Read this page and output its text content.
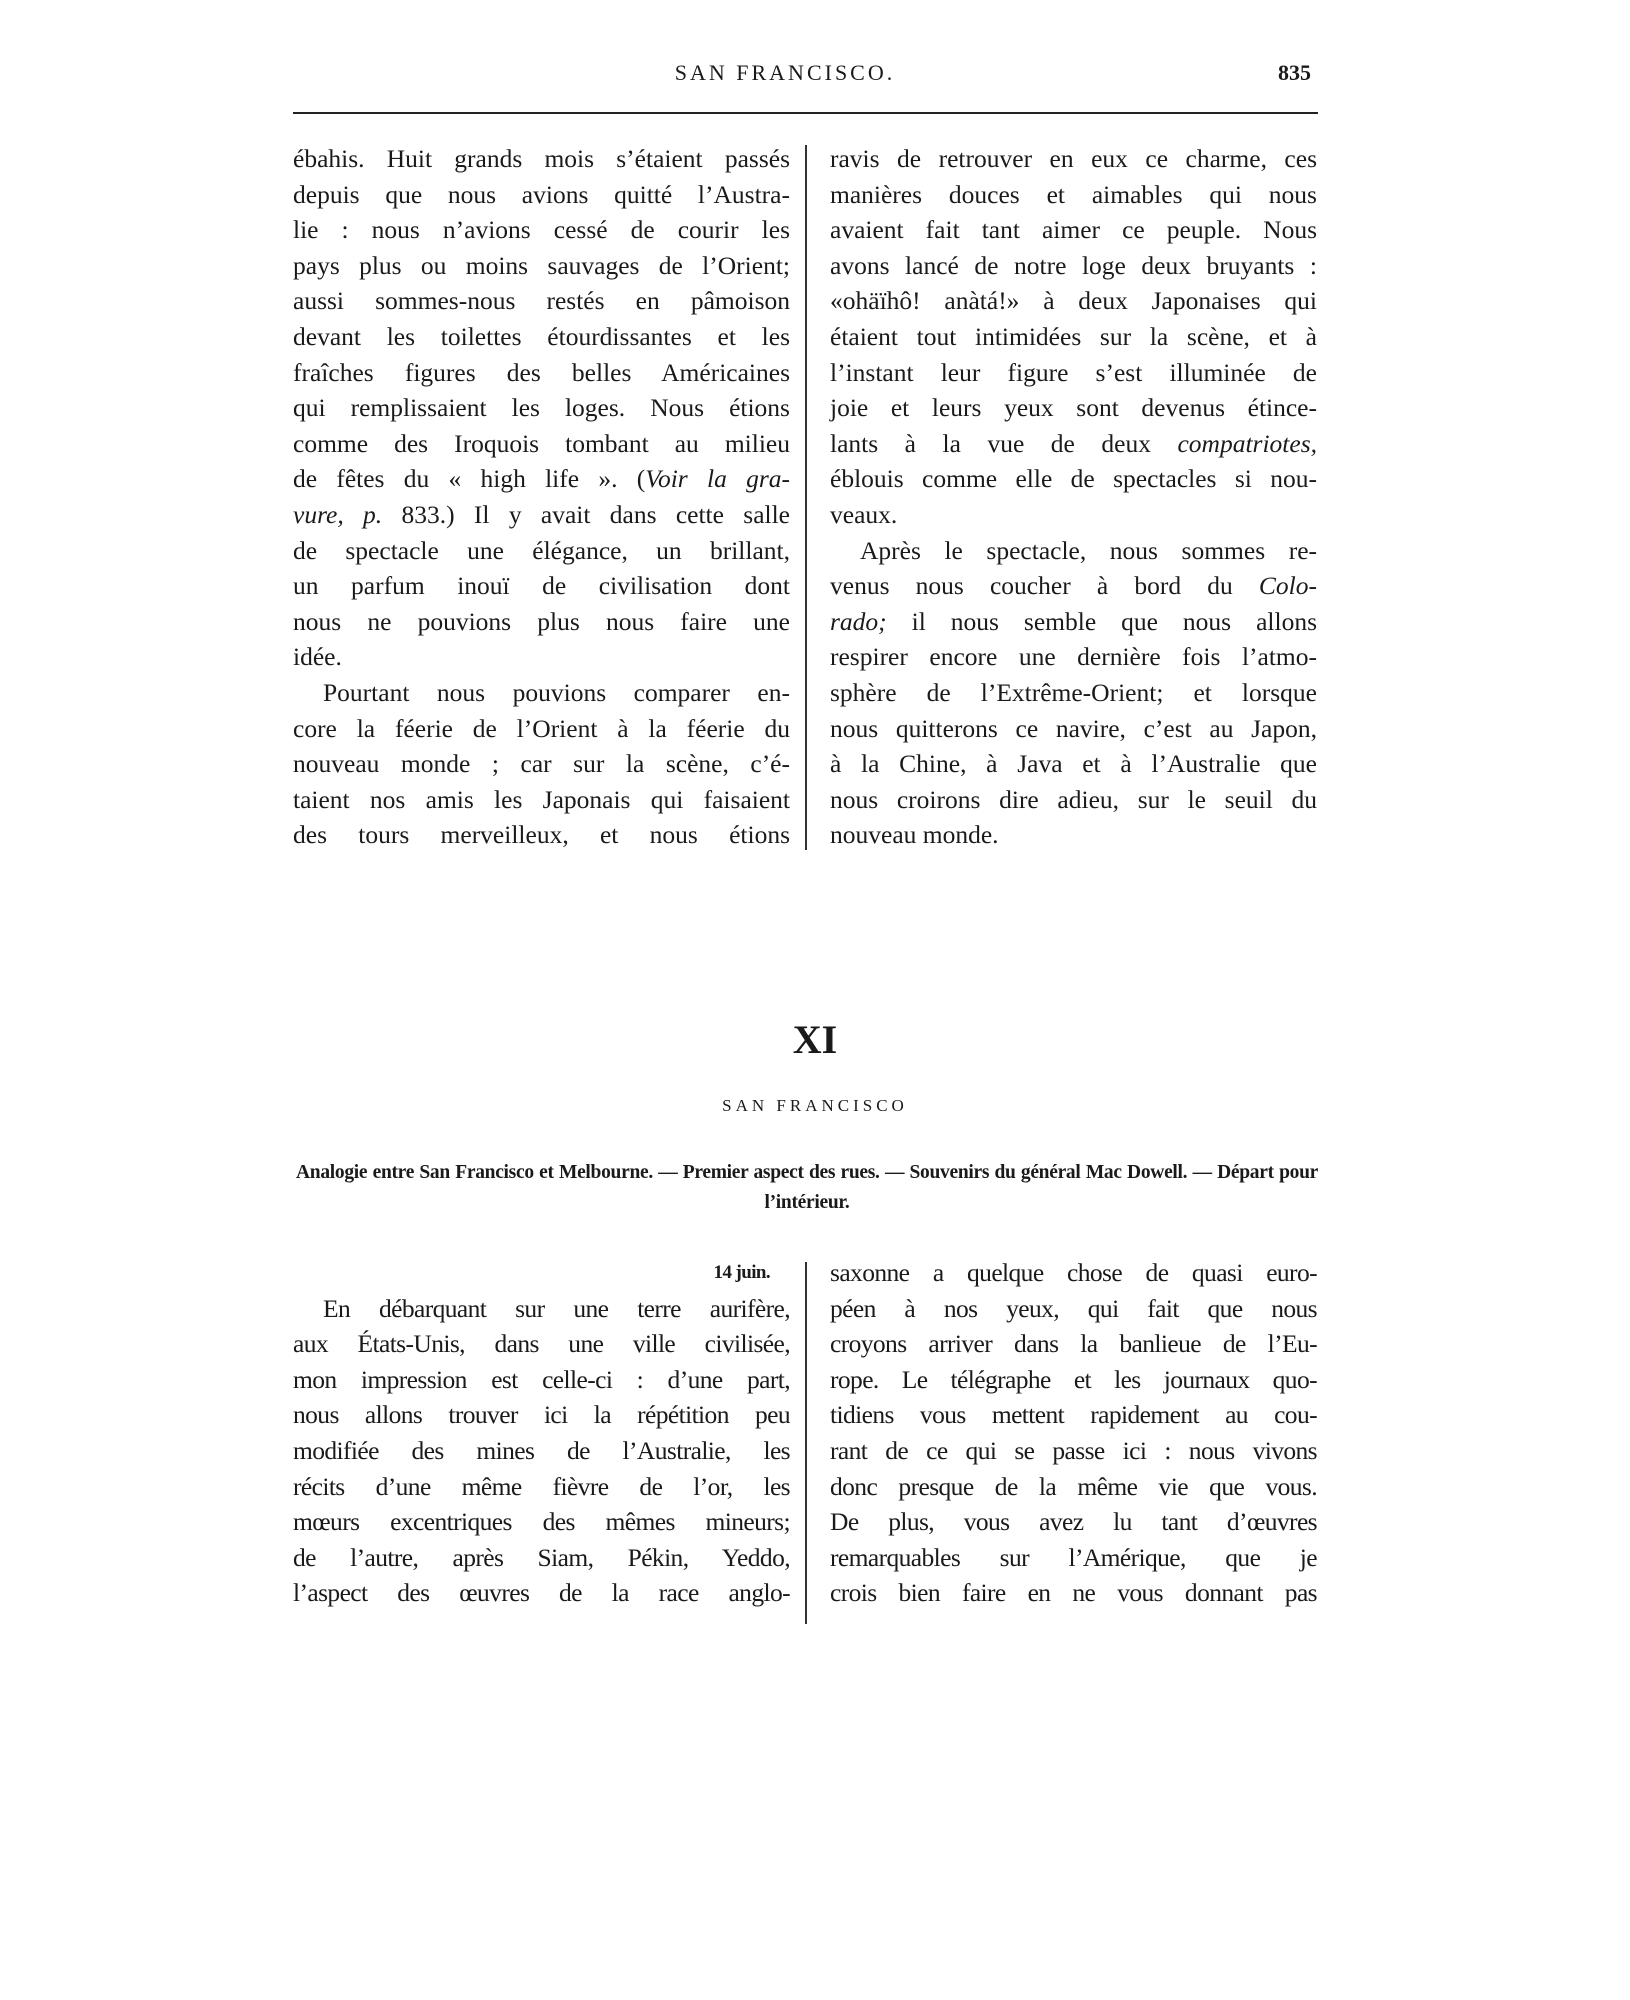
SAN FRANCISCO.	835
ébahis. Huit grands mois s’étaient passés
depuis que nous avions quitté l’Austra-
lie : nous n’avions cessé de courir les
pays plus ou moins sauvages de l’Orient;
aussi sommes-nous restés en pâmoison
devant les toilettes étourdissantes et les
fraîches figures des belles Américaines
qui remplissaient les loges. Nous étions
comme des Iroquois tombant au milieu
de fêtes du « high life ». (Voir la gra-
vure, p. 833.) Il y avait dans cette salle
de spectacle une élégance, un brillant,
un parfum inouï de civilisation dont
nous ne pouvions plus nous faire une
idée.
Pourtant nous pouvions comparer en-
core la féerie de l’Orient à la féerie du
nouveau monde ; car sur la scène, c’é-
taient nos amis les Japonais qui faisaient
des tours merveilleux, et nous étions
ravis de retrouver en eux ce charme, ces
manières douces et aimables qui nous
avaient fait tant aimer ce peuple. Nous
avons lancé de notre loge deux bruyants :
«ohäïhô! anàtá!» à deux Japonaises qui
étaient tout intimidées sur la scène, et à
l’instant leur figure s’est illuminée de
joie et leurs yeux sont devenus étince-
lants à la vue de deux compatriotes,
éblouis comme elle de spectacles si nou-
veaux.
Après le spectacle, nous sommes re-
venus nous coucher à bord du Colo-
rado; il nous semble que nous allons
respirer encore une dernière fois l’atmo-
sphère de l’Extrême-Orient; et lorsque
nous quitterons ce navire, c’est au Japon,
à la Chine, à Java et à l’Australie que
nous croirons dire adieu, sur le seuil du
nouveau monde.
XI
SAN FRANCISCO
Analogie entre San Francisco et Melbourne. — Premier aspect des rues. — Souvenirs du général Mac Dowell. — Départ pour l’intérieur.
14 juin.
En débarquant sur une terre aurifère,
aux États-Unis, dans une ville civilisée,
mon impression est celle-ci : d’une part,
nous allons trouver ici la répétition peu
modifiée des mines de l’Australie, les
récits d’une même fièvre de l’or, les
mœurs excentriques des mêmes mineurs;
de l’autre, après Siam, Pékin, Yeddo,
l’aspect des œuvres de la race anglo-
saxonne a quelque chose de quasi euro-
péen à nos yeux, qui fait que nous
croyons arriver dans la banlieue de l’Eu-
rope. Le télégraphe et les journaux quo-
tidiens vous mettent rapidement au cou-
rant de ce qui se passe ici : nous vivons
donc presque de la même vie que vous.
De plus, vous avez lu tant d’œuvres
remarquables sur l’Amérique, que je
crois bien faire en ne vous donnant pas
